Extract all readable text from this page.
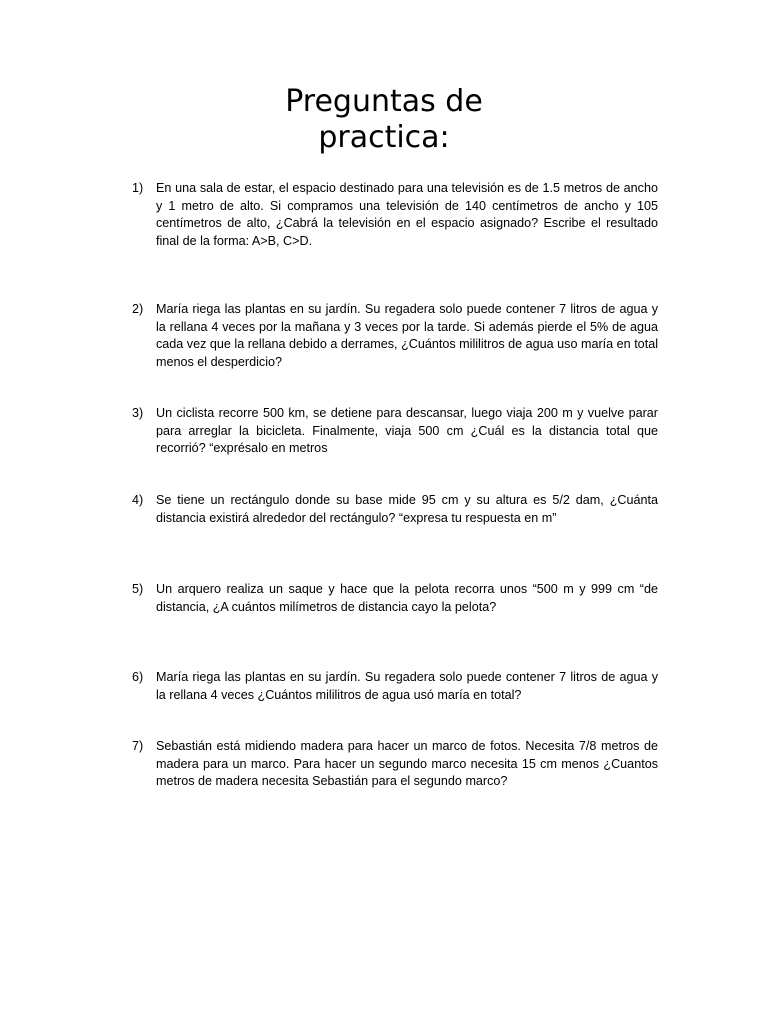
Preguntas de
practica:
1)	En una sala de estar, el espacio destinado para una televisión es de 1.5 metros de ancho y 1 metro de alto. Si compramos una televisión de 140 centímetros de ancho y 105 centímetros de alto, ¿Cabrá la televisión en el espacio asignado? Escribe el resultado final de la forma: A>B, C>D.
2)	María riega las plantas en su jardín. Su regadera solo puede contener 7 litros de agua y la rellana 4 veces por la mañana y 3 veces por la tarde. Si además pierde el 5% de agua cada vez que la rellana debido a derrames, ¿Cuántos mililitros de agua uso maría en total menos el desperdicio?
3)	Un ciclista recorre 500 km, se detiene para descansar, luego viaja 200 m y vuelve parar para arreglar la bicicleta. Finalmente, viaja 500 cm ¿Cuál es la distancia total que recorrió? “exprésalo en metros
4)	Se tiene un rectángulo donde su base mide 95 cm y su altura es 5/2 dam, ¿Cuánta distancia existirá alrededor del rectángulo? “expresa tu respuesta en m”
5)	Un arquero realiza un saque y hace que la pelota recorra unos “500 m y 999 cm “de distancia, ¿A cuántos milímetros de distancia cayo la pelota?
6)	María riega las plantas en su jardín. Su regadera solo puede contener 7 litros de agua y la rellana 4 veces ¿Cuántos mililitros de agua usó maría en total?
7)	Sebastián está midiendo madera para hacer un marco de fotos. Necesita 7/8 metros de madera para un marco. Para hacer un segundo marco necesita 15 cm menos ¿Cuantos metros de madera necesita Sebastián para el segundo marco?
